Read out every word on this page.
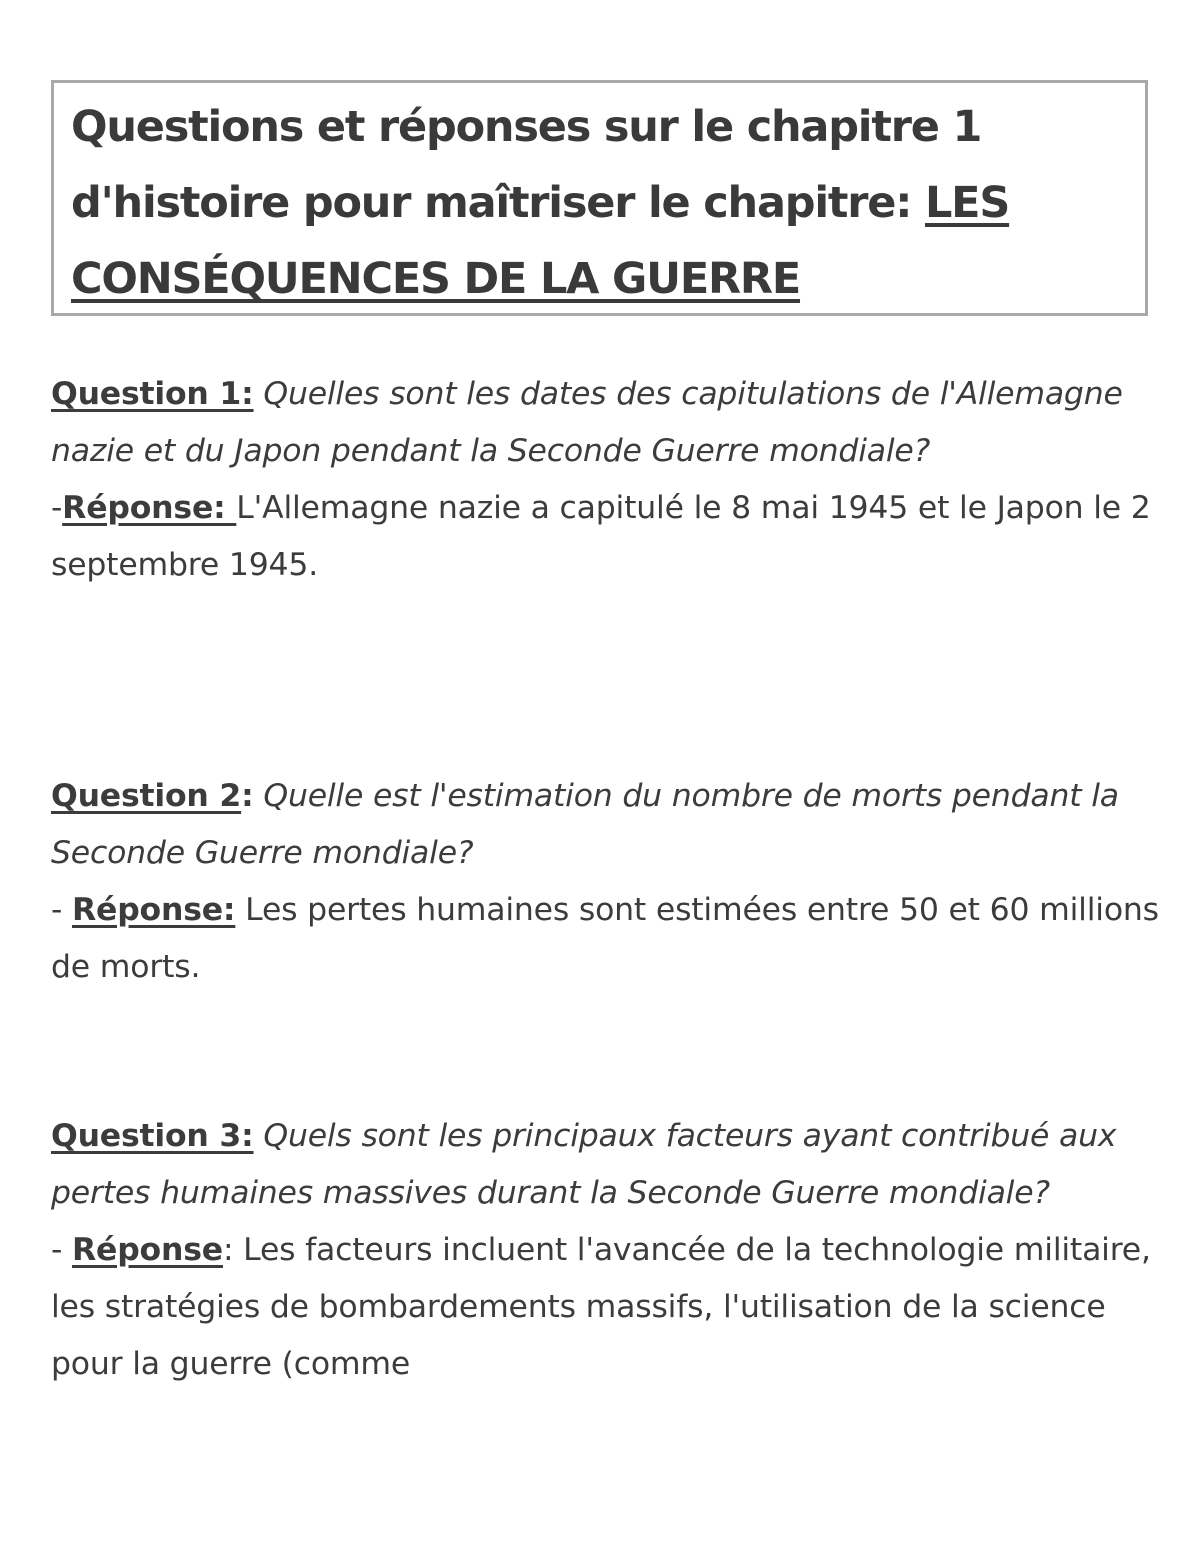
Questions et réponses sur le chapitre 1 d'histoire pour maîtriser le chapitre: LES CONSÉQUENCES DE LA GUERRE

Question 1: Quelles sont les dates des capitulations de l'Allemagne nazie et du Japon pendant la Seconde Guerre mondiale?

-Réponse: L'Allemagne nazie a capitulé le 8 mai 1945 et le Japon le 2 septembre 1945.

Question 2: Quelle est l'estimation du nombre de morts pendant la Seconde Guerre mondiale?

- Réponse: Les pertes humaines sont estimées entre 50 et 60 millions de morts.

Question 3: Quels sont les principaux facteurs ayant contribué aux pertes humaines massives durant la Seconde Guerre mondiale?

- Réponse: Les facteurs incluent l'avancée de la technologie militaire, les stratégies de bombardements massifs, l'utilisation de la science pour la guerre (comme
